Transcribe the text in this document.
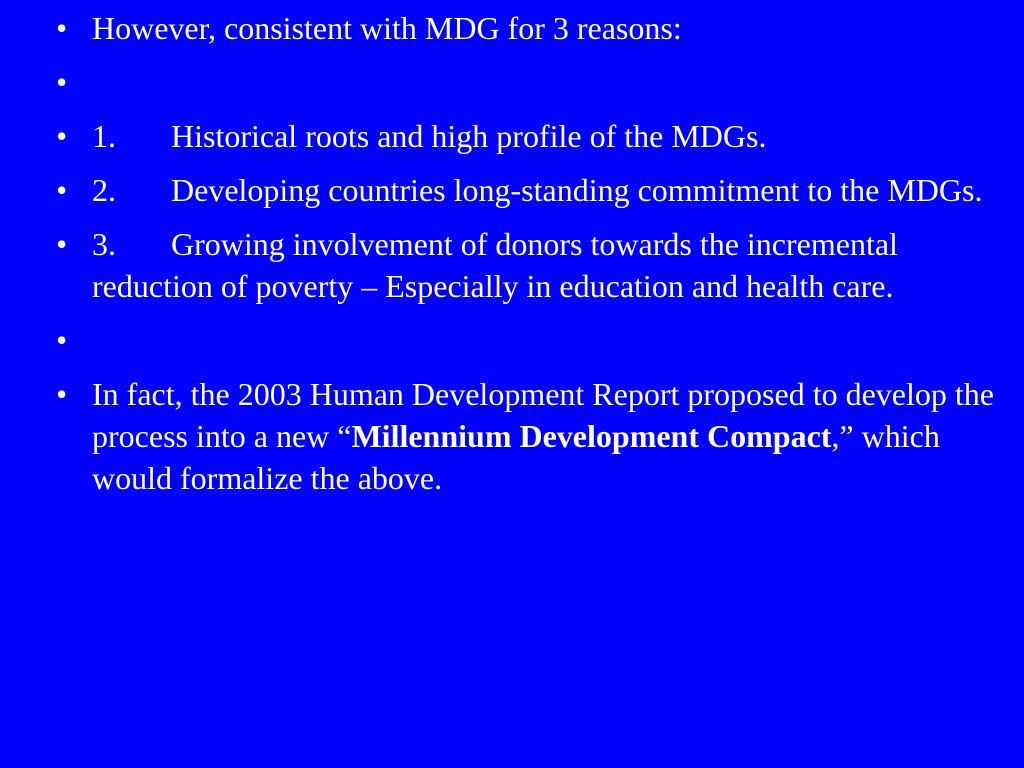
• However, consistent with MDG for 3 reasons:
•
• 1. Historical roots and high profile of the MDGs.
• 2. Developing countries long-standing commitment to the MDGs.
• 3. Growing involvement of donors towards the incremental reduction of poverty – Especially in education and health care.
•
• In fact, the 2003 Human Development Report proposed to develop the process into a new “Millennium Development Compact,” which would formalize the above.
